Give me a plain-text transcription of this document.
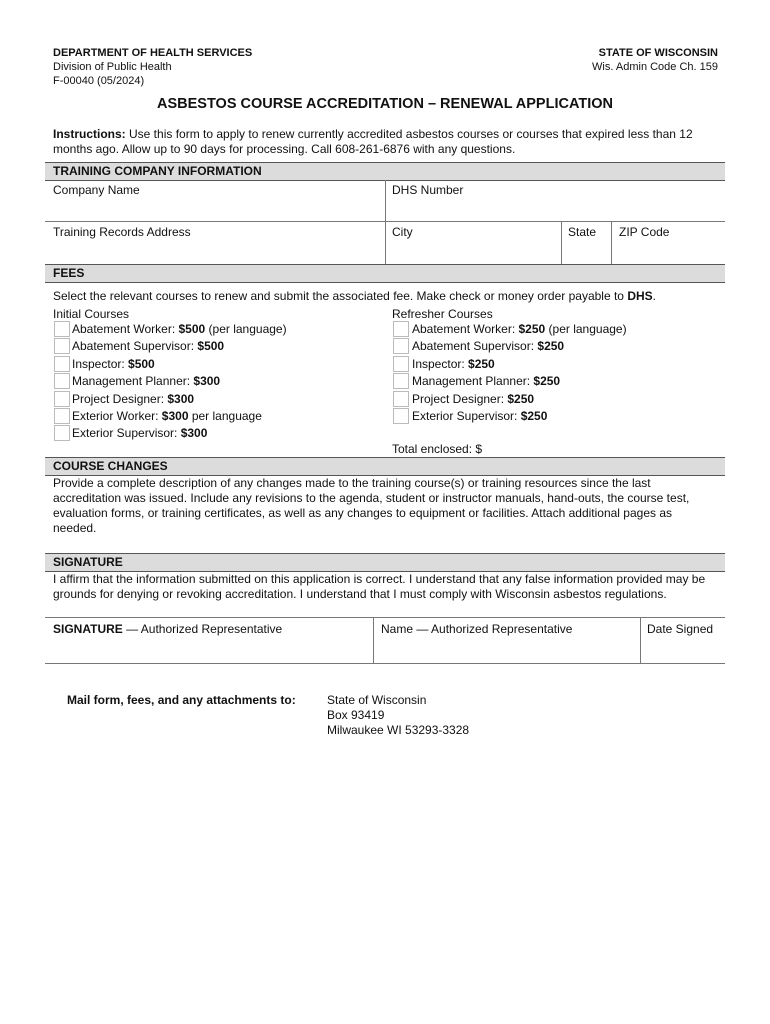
DEPARTMENT OF HEALTH SERVICES
Division of Public Health
F-00040 (05/2024)
STATE OF WISCONSIN
Wis. Admin Code Ch. 159
ASBESTOS COURSE ACCREDITATION – RENEWAL APPLICATION
Instructions: Use this form to apply to renew currently accredited asbestos courses or courses that expired less than 12 months ago. Allow up to 90 days for processing. Call 608-261-6876 with any questions.
TRAINING COMPANY INFORMATION
Company Name	DHS Number
Training Records Address	City	State ZIP Code
FEES
Select the relevant courses to renew and submit the associated fee. Make check or money order payable to DHS.
Initial Courses	Refresher Courses
Abatement Worker: $500 (per language)
Abatement Supervisor: $500
Inspector: $500
Management Planner: $300
Project Designer: $300
Exterior Worker: $300 per language
Exterior Supervisor: $300
Abatement Worker: $250 (per language)
Abatement Supervisor: $250
Inspector: $250
Management Planner: $250
Project Designer: $250
Exterior Supervisor: $250
Total enclosed: $
COURSE CHANGES
Provide a complete description of any changes made to the training course(s) or training resources since the last accreditation was issued. Include any revisions to the agenda, student or instructor manuals, hand-outs, the course test, evaluation forms, or training certificates, as well as any changes to equipment or facilities. Attach additional pages as needed.
SIGNATURE
I affirm that the information submitted on this application is correct. I understand that any false information provided may be grounds for denying or revoking accreditation. I understand that I must comply with Wisconsin asbestos regulations.
SIGNATURE — Authorized Representative	Name — Authorized Representative	Date Signed
Mail form, fees, and any attachments to:	State of Wisconsin
Box 93419
Milwaukee WI 53293-3328
